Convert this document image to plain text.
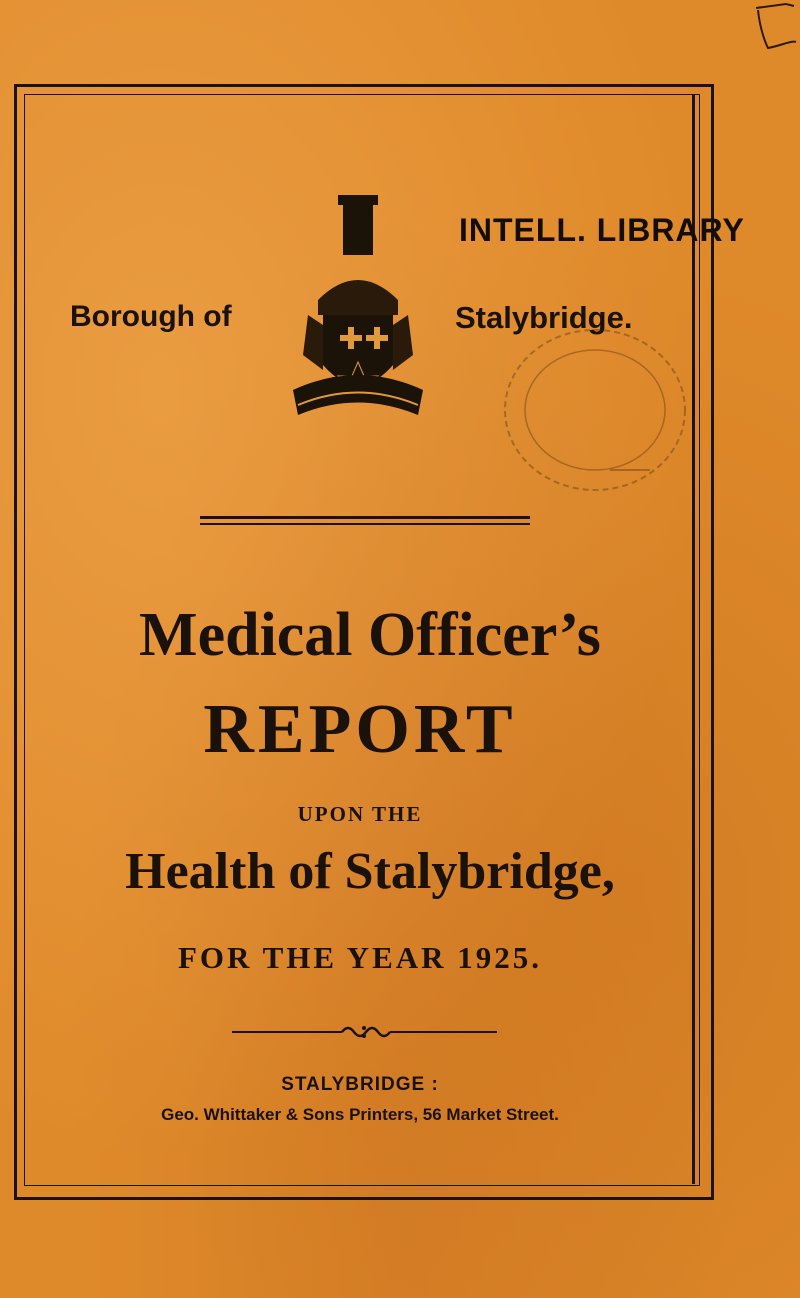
INTELL. LIBRARY
Borough of	Stalybridge.
Medical Officer’s
REPORT
UPON THE
Health of Stalybridge,
FOR THE YEAR 1925.
STALYBRIDGE :
Geo. Whittaker & Sons Printers, 56 Market Street.
